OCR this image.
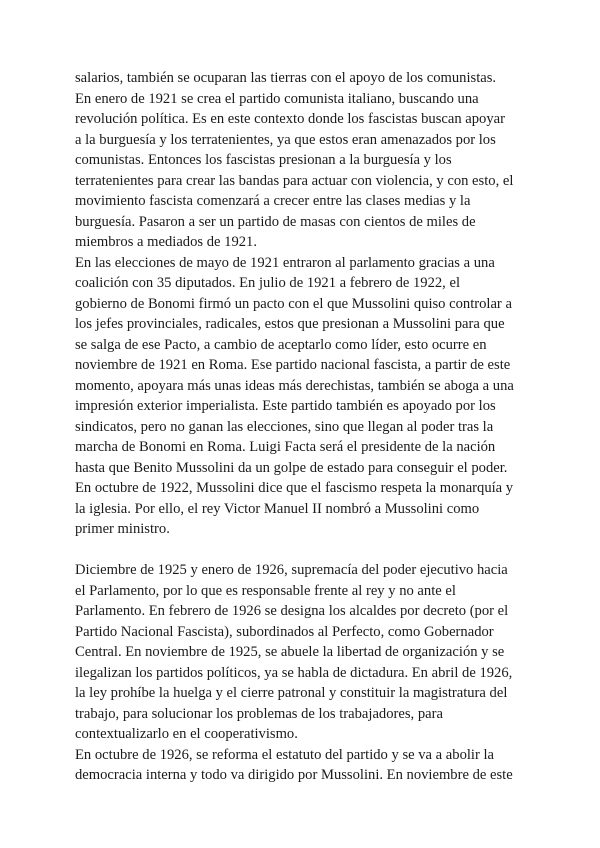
salarios, también se ocuparan las tierras con el apoyo de los comunistas.

En enero de 1921 se crea el partido comunista italiano, buscando una

revolución política. Es en este contexto donde los fascistas buscan apoyar

a la burguesía y los terratenientes, ya que estos eran amenazados por los

comunistas. Entonces los fascistas presionan a la burguesía y los

terratenientes para crear las bandas para actuar con violencia, y con esto, el

movimiento fascista comenzará a crecer entre las clases medias y la

burguesía. Pasaron a ser un partido de masas con cientos de miles de

miembros a mediados de 1921.

En las elecciones de mayo de 1921 entraron al parlamento gracias a una

coalición con 35 diputados. En julio de 1921 a febrero de 1922, el

gobierno de Bonomi firmó un pacto con el que Mussolini quiso controlar a

los jefes provinciales, radicales, estos que presionan a Mussolini para que

se salga de ese Pacto, a cambio de aceptarlo como líder, esto ocurre en

noviembre de 1921 en Roma. Ese partido nacional fascista, a partir de este

momento, apoyara más unas ideas más derechistas, también se aboga a una

impresión exterior imperialista. Este partido también es apoyado por los

sindicatos, pero no ganan las elecciones, sino que llegan al poder tras la

marcha de Bonomi en Roma. Luigi Facta será el presidente de la nación

hasta que Benito Mussolini da un golpe de estado para conseguir el poder.

En octubre de 1922, Mussolini dice que el fascismo respeta la monarquía y

la iglesia. Por ello, el rey Victor Manuel II nombró a Mussolini como

primer ministro.

Diciembre de 1925 y enero de 1926, supremacía del poder ejecutivo hacia

el Parlamento, por lo que es responsable frente al rey y no ante el

Parlamento. En febrero de 1926 se designa los alcaldes por decreto (por el

Partido Nacional Fascista), subordinados al Perfecto, como Gobernador

Central. En noviembre de 1925, se abuele la libertad de organización y se

ilegalizan los partidos políticos, ya se habla de dictadura. En abril de 1926,

la ley prohíbe la huelga y el cierre patronal y constituir la magistratura del

trabajo, para solucionar los problemas de los trabajadores, para

contextualizarlo en el cooperativismo.

En octubre de 1926, se reforma el estatuto del partido y se va a abolir la

democracia interna y todo va dirigido por Mussolini. En noviembre de este
